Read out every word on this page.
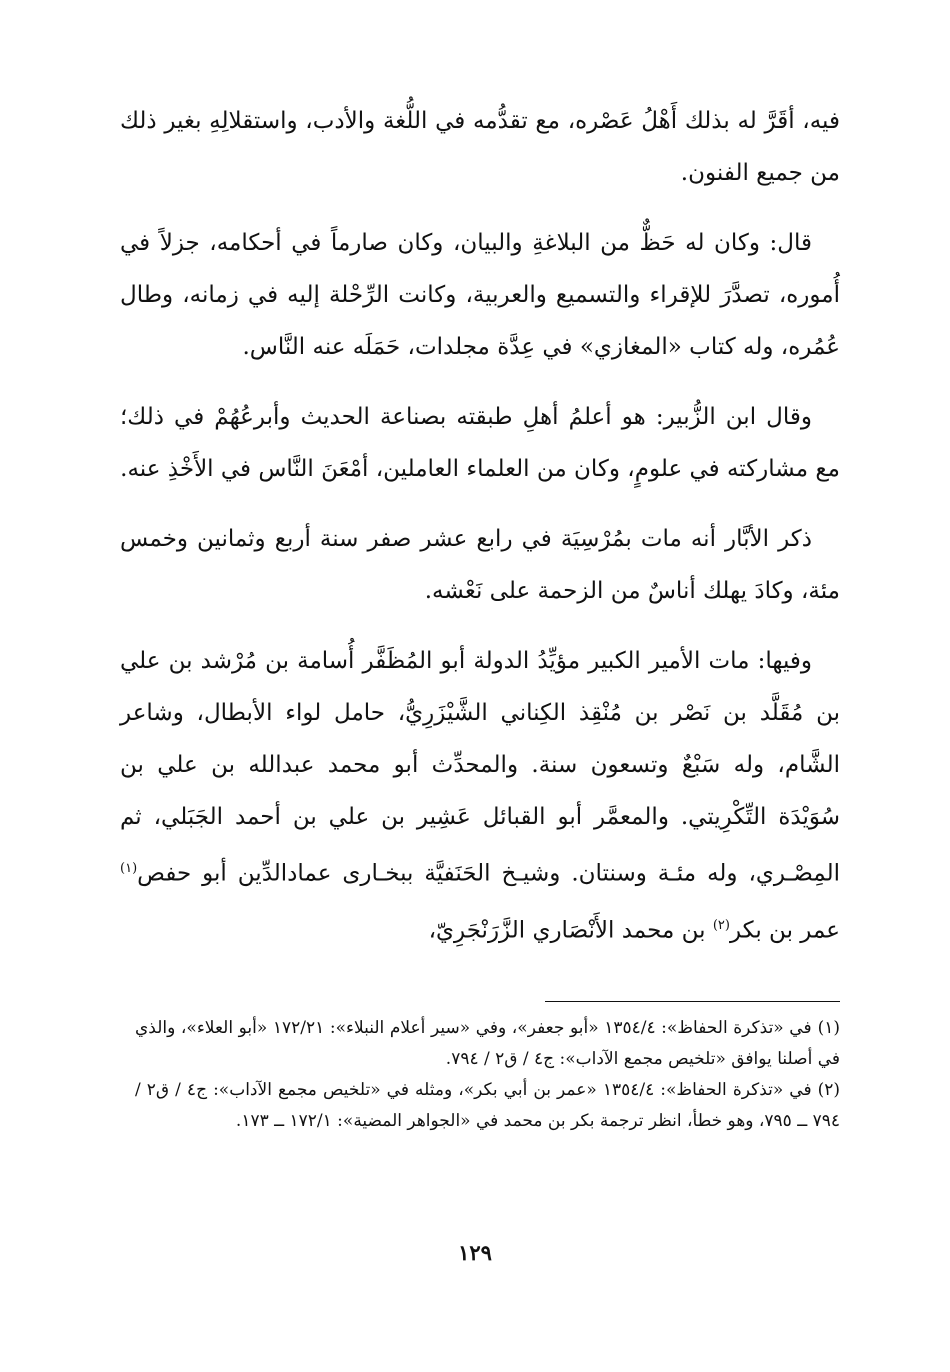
فيه، أقَرَّ له بذلك أَهْلُ عَصْره، مع تقدُّمه في اللُّغة والأدب، واستقلالِهِ بغير ذلك من جميع الفنون.

قال: وكان له حَظٌّ من البلاغةِ والبيان، وكان صارماً في أحكامه، جزلاً في أُموره، تصدَّرَ للإقراء والتسميع والعربية، وكانت الرِّحْلة إليه في زمانه، وطال عُمُره، وله كتاب «المغازي» في عِدَّة مجلدات، حَمَلَه عنه النَّاس.

وقال ابن الزُّبير: هو أعلمُ أهلِ طبقته بصناعة الحديث وأبرعُهُمْ في ذلك؛ مع مشاركته في علومٍ، وكان من العلماء العاملين، أمْعَنَ النَّاس في الأَخْذِ عنه.

ذكر الأبَّار أنه مات بمُرْسِيَة في رابع عشر صفر سنة أربع وثمانين وخمس مئة، وكادَ يهلك أناسٌ من الزحمة على نَعْشه.

وفيها: مات الأمير الكبير مؤيِّدُ الدولة أبو المُظَفَّر أُسامة بن مُرْشد بن علي بن مُقَلَّد بن نَصْر بن مُنْقِذ الكِناني الشَّيْزَرِيُّ، حامل لواء الأبطال، وشاعر الشَّام، وله سَبْعٌ وتسعون سنة. والمحدِّث أبو محمد عبدالله بن علي بن سُوَيْدَة التِّكْرِيتي. والمعمَّر أبو القبائل عَشِير بن علي بن أحمد الجَبَلي، ثم المِصْـري، وله مئـة وسنتان. وشيـخ الحَنَفيَّة ببخـارى عمادالدِّين أبو حفص$^{(١)}$ عمر بن بكر$^{(٢)}$ بن محمد الأَنْصَاري الزَّرَنْجَرِيّ،

(١)في «تذكرة الحفاظ»: ١٣٥٤/٤ «أبو جعفر»، وفي «سير أعلام النبلاء»: ١٧٢/٢١ «أبو العلاء»، والذي في أصلنا يوافق «تلخيص مجمع الآداب»: ج٤ / ق٢ / ٧٩٤.

(٢)في «تذكرة الحفاظ»: ١٣٥٤/٤ «عمر بن أبي بكر»، ومثله في «تلخيص مجمع الآداب»: ج٤ / ق٢ / ٧٩٤ ــ ٧٩٥، وهو خطأ، انظر ترجمة بكر بن محمد في «الجواهر المضية»: ١٧٢/١ ــ ١٧٣.

١٢٩
